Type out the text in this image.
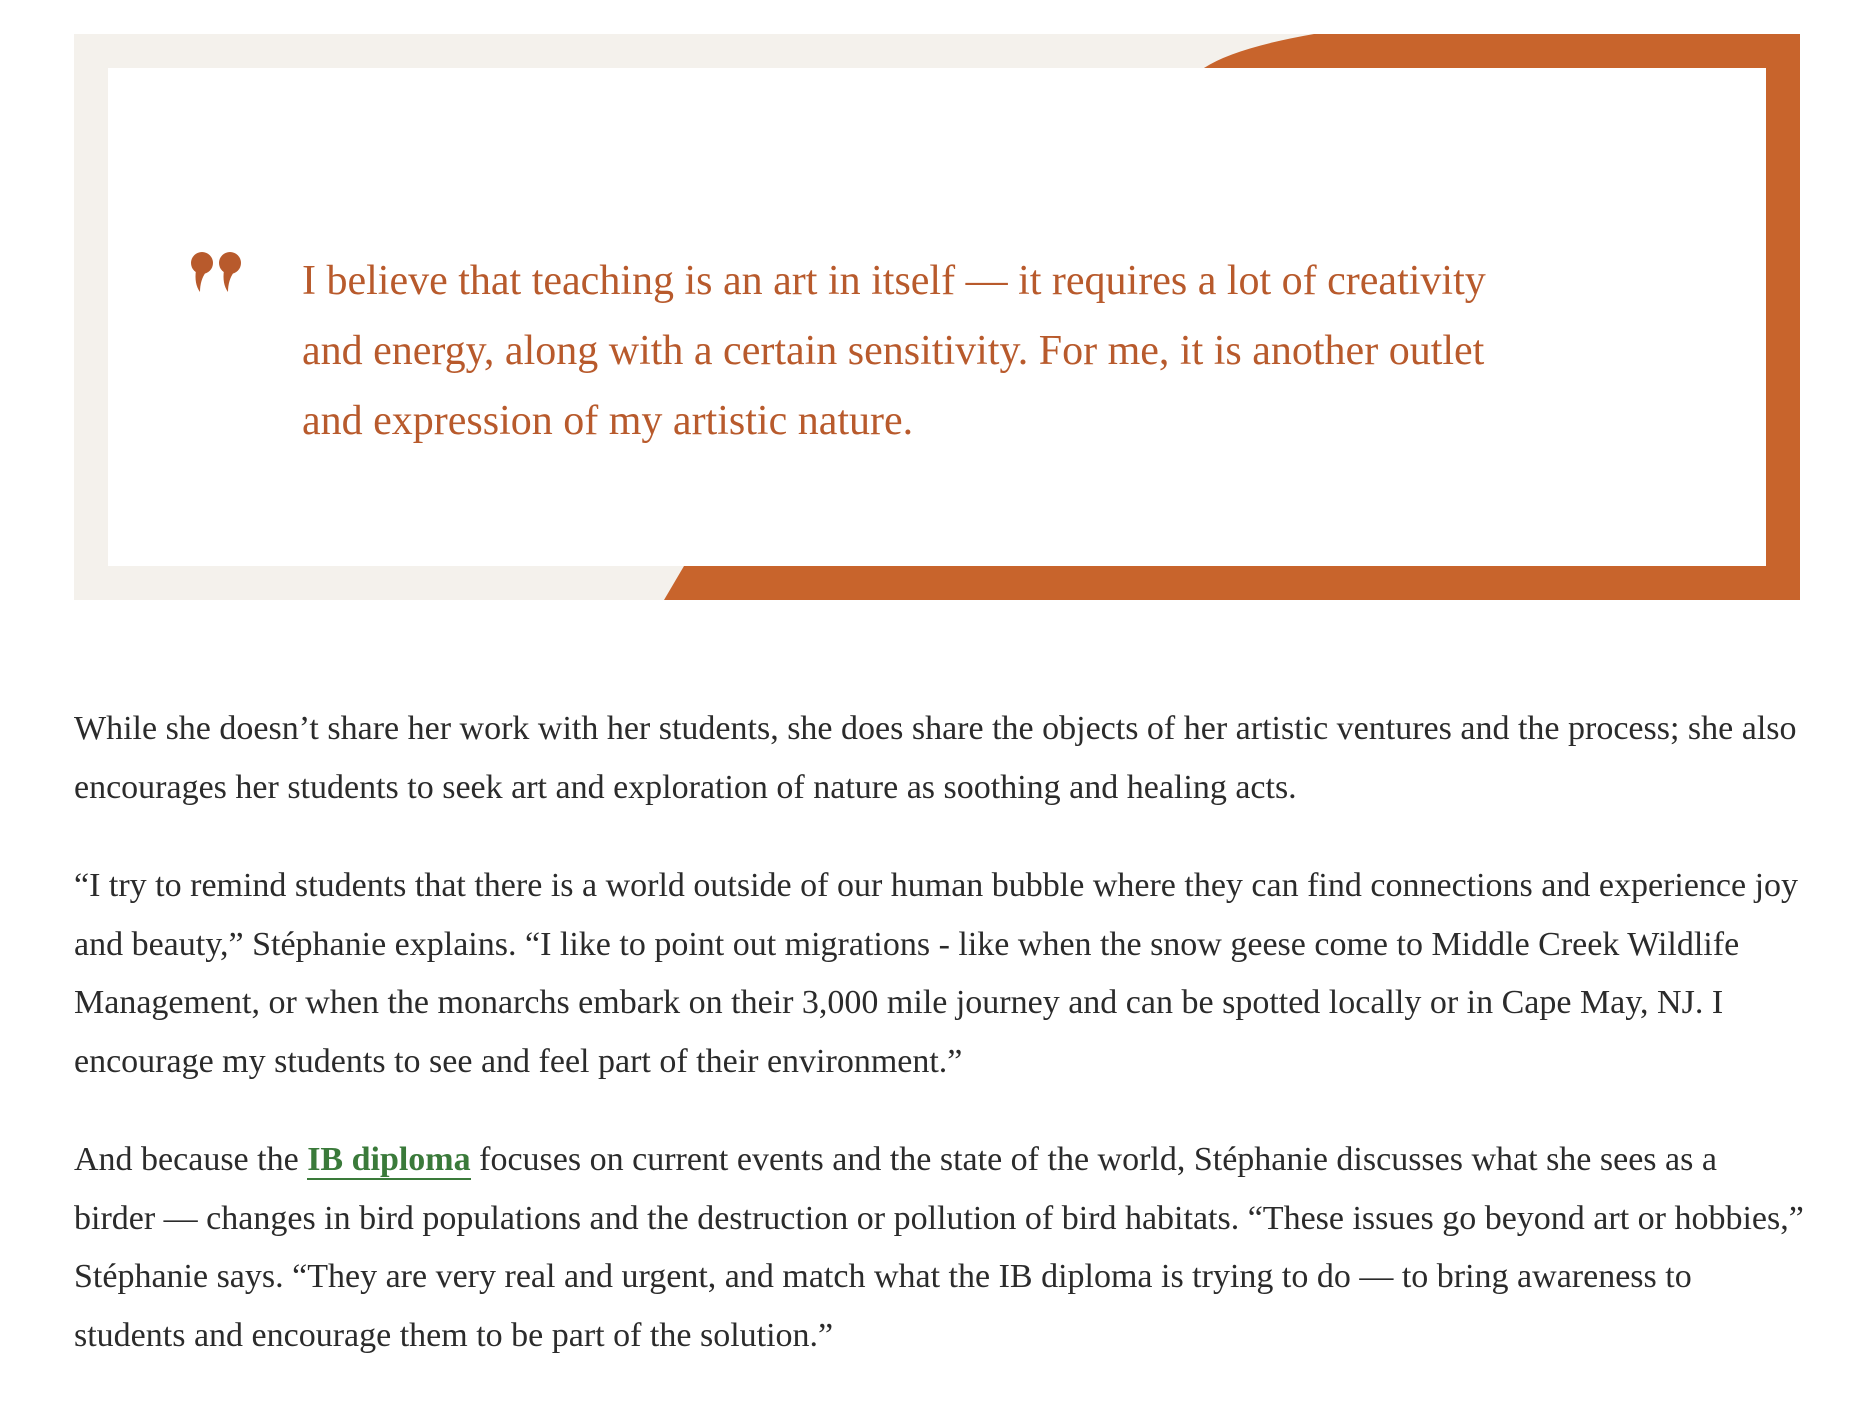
I believe that teaching is an art in itself — it requires a lot of creativity and energy, along with a certain sensitivity. For me, it is another outlet and expression of my artistic nature.

While she doesn’t share her work with her students, she does share the objects of her artistic ventures and the process; she also encourages her students to seek art and exploration of nature as soothing and healing acts.

“I try to remind students that there is a world outside of our human bubble where they can find connections and experience joy and beauty,” Stéphanie explains. “I like to point out migrations - like when the snow geese come to Middle Creek Wildlife Management, or when the monarchs embark on their 3,000 mile journey and can be spotted locally or in Cape May, NJ. I encourage my students to see and feel part of their environment.”

And because the IB diploma focuses on current events and the state of the world, Stéphanie discusses what she sees as a birder — changes in bird populations and the destruction or pollution of bird habitats. “These issues go beyond art or hobbies,” Stéphanie says. “They are very real and urgent, and match what the IB diploma is trying to do — to bring awareness to students and encourage them to be part of the solution.”
